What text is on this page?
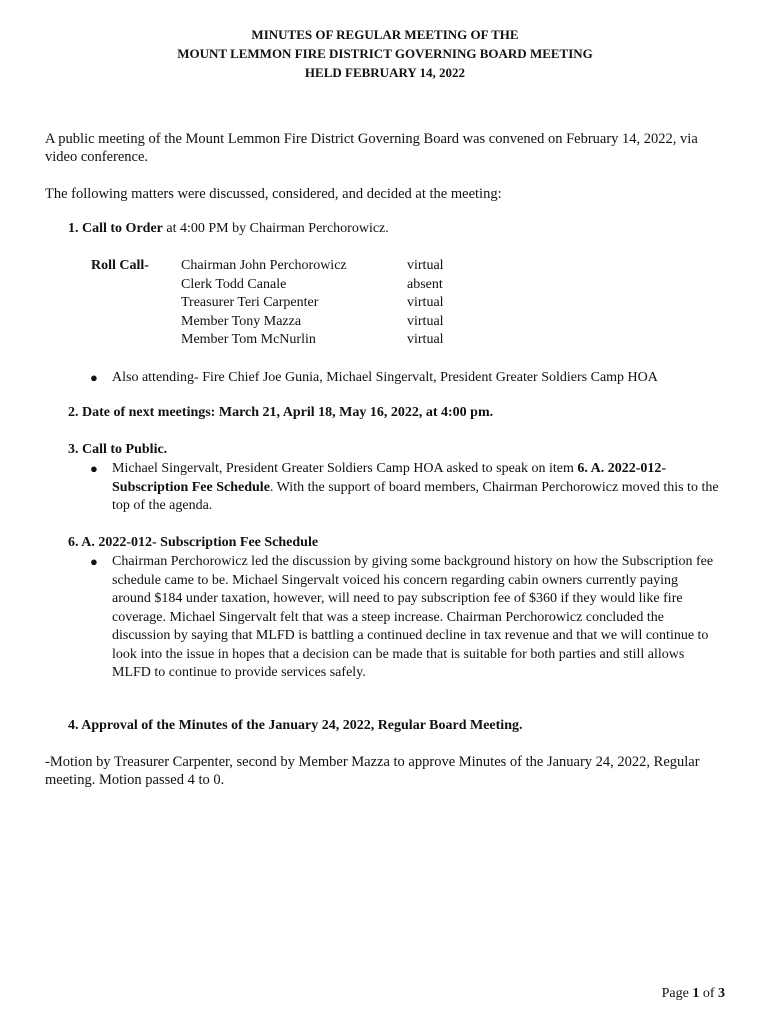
MINUTES OF REGULAR MEETING OF THE
MOUNT LEMMON FIRE DISTRICT GOVERNING BOARD MEETING
HELD FEBRUARY 14, 2022
A public meeting of the Mount Lemmon Fire District Governing Board was convened on February 14, 2022, via video conference.
The following matters were discussed, considered, and decided at the meeting:
1. Call to Order at 4:00 PM by Chairman Perchorowicz.
Roll Call-	Chairman John Perchorowicz
Clerk Todd Canale
Treasurer Teri Carpenter
Member Tony Mazza
Member Tom McNurlin
virtual
absent
virtual
virtual
virtual
● Also attending- Fire Chief Joe Gunia, Michael Singervalt, President Greater Soldiers Camp HOA
2. Date of next meetings: March 21, April 18, May 16, 2022, at 4:00 pm.
3. Call to Public.
● Michael Singervalt, President Greater Soldiers Camp HOA asked to speak on item 6. A. 2022-012- Subscription Fee Schedule. With the support of board members, Chairman Perchorowicz moved this to the top of the agenda.
6. A. 2022-012- Subscription Fee Schedule
● Chairman Perchorowicz led the discussion by giving some background history on how the Subscription fee schedule came to be. Michael Singervalt voiced his concern regarding cabin owners currently paying around $184 under taxation, however, will need to pay subscription fee of $360 if they would like fire coverage. Michael Singervalt felt that was a steep increase. Chairman Perchorowicz concluded the discussion by saying that MLFD is battling a continued decline in tax revenue and that we will continue to look into the issue in hopes that a decision can be made that is suitable for both parties and still allows MLFD to continue to provide services safely.
4. Approval of the Minutes of the January 24, 2022, Regular Board Meeting.
-Motion by Treasurer Carpenter, second by Member Mazza to approve Minutes of the January 24, 2022, Regular meeting. Motion passed 4 to 0.
Page 1 of 3
